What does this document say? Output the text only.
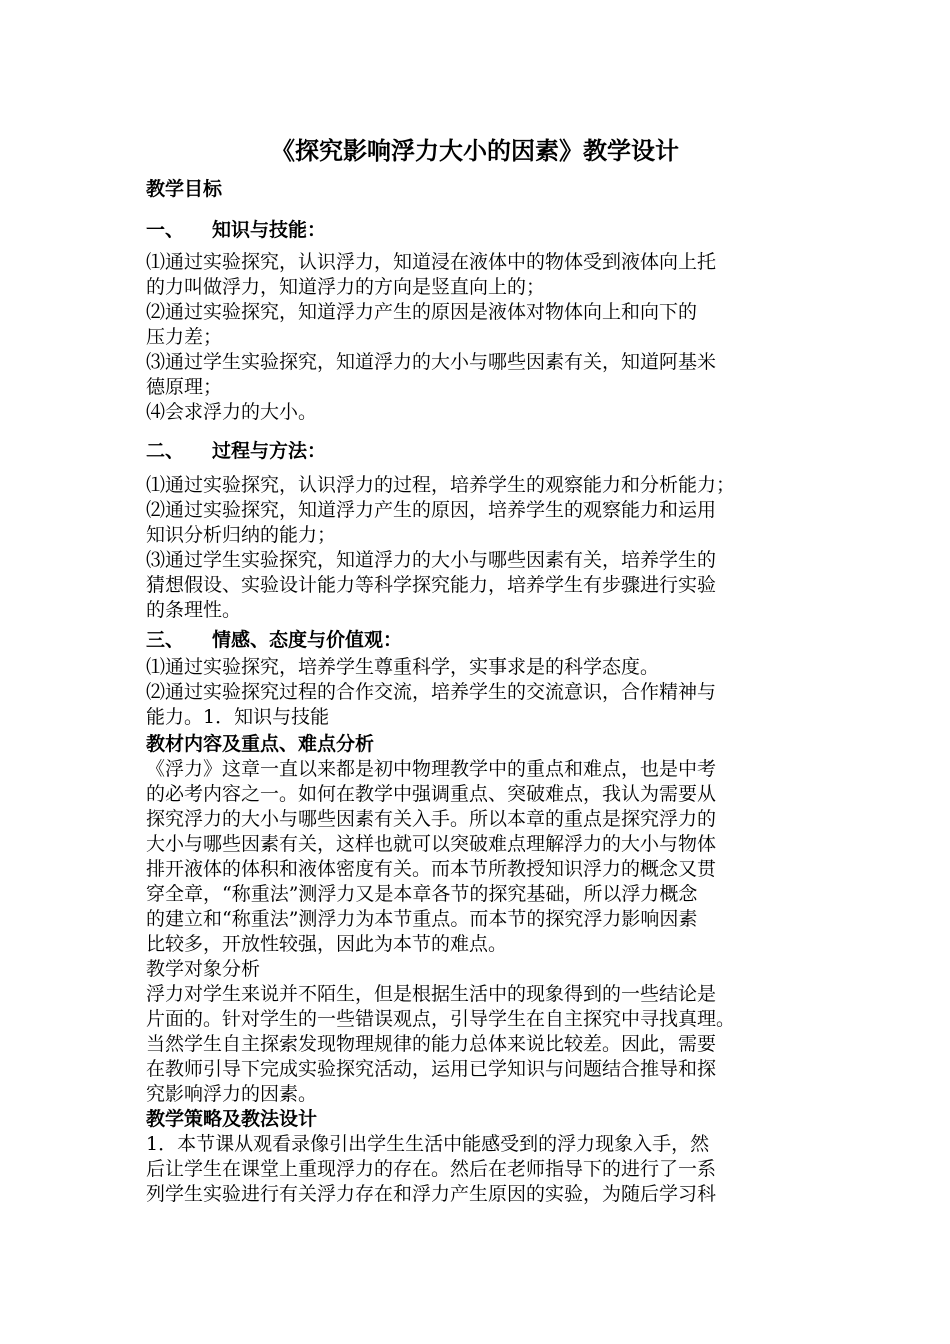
《探究影响浮力大小的因素》教学设计
教学目标
一、 知识与技能：

⑴通过实验探究，认识浮力，知道浸在液体中的物体受到液体向上托

的力叫做浮力，知道浮力的方向是竖直向上的；

⑵通过实验探究，知道浮力产生的原因是液体对物体向上和向下的

压力差；

⑶通过学生实验探究，知道浮力的大小与哪些因素有关，知道阿基米

德原理；

⑷会求浮力的大小。

二、 过程与方法：

⑴通过实验探究，认识浮力的过程，培养学生的观察能力和分析能力；

⑵通过实验探究，知道浮力产生的原因，培养学生的观察能力和运用

知识分析归纳的能力；

⑶通过学生实验探究，知道浮力的大小与哪些因素有关，培养学生的

猜想假设、实验设计能力等科学探究能力，培养学生有步骤进行实验

的条理性。

三、 情感、态度与价值观：

⑴通过实验探究，培养学生尊重科学，实事求是的科学态度。

⑵通过实验探究过程的合作交流，培养学生的交流意识，合作精神与

能力。1．知识与技能

教材内容及重点、难点分析

《浮力》这章一直以来都是初中物理教学中的重点和难点，也是中考

的必考内容之一。如何在教学中强调重点、突破难点，我认为需要从

探究浮力的大小与哪些因素有关入手。所以本章的重点是探究浮力的

大小与哪些因素有关，这样也就可以突破难点理解浮力的大小与物体

排开液体的体积和液体密度有关。而本节所教授知识浮力的概念又贯

穿全章，“称重法”测浮力又是本章各节的探究基础，所以浮力概念

的建立和“称重法”测浮力为本节重点。而本节的探究浮力影响因素

比较多，开放性较强，因此为本节的难点。

教学对象分析

浮力对学生来说并不陌生，但是根据生活中的现象得到的一些结论是

片面的。针对学生的一些错误观点，引导学生在自主探究中寻找真理。

当然学生自主探索发现物理规律的能力总体来说比较差。因此，需要

在教师引导下完成实验探究活动，运用已学知识与问题结合推导和探

究影响浮力的因素。

教学策略及教法设计

1．本节课从观看录像引出学生生活中能感受到的浮力现象入手，然

后让学生在课堂上重现浮力的存在。然后在老师指导下的进行了一系

列学生实验进行有关浮力存在和浮力产生原因的实验，为随后学习科
